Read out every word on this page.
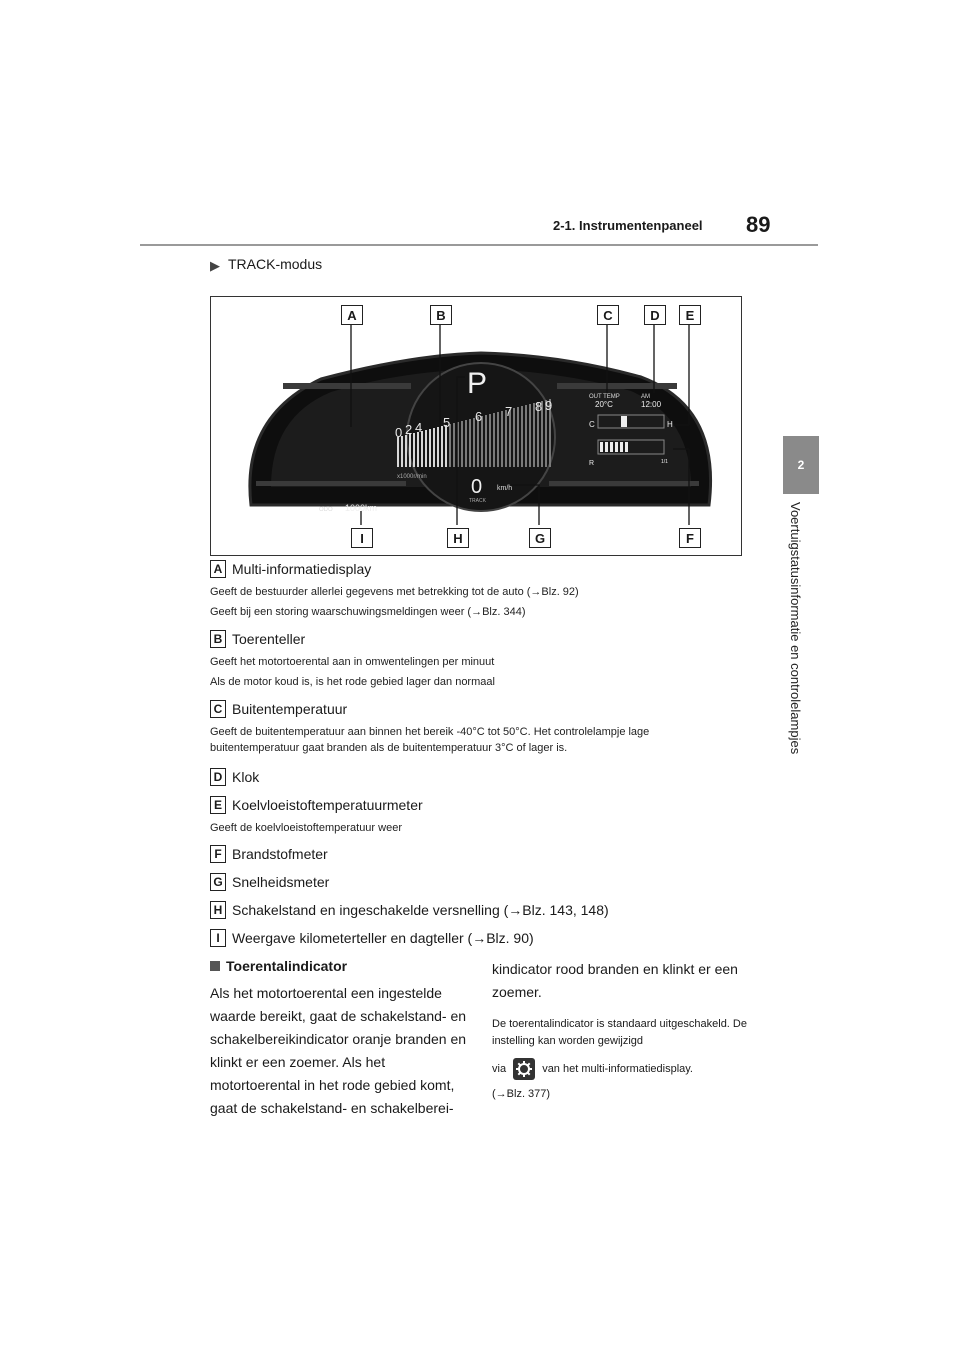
2-1. Instrumentenpaneel 89
2
Voertuigstatusinformatie en controlelampjes
▶ TRACK-modus
0 2 4 5 6 7 8 9
x1000r/min
P
0 km/h
TRACK
OUT TEMP
20°C
AM
12:00
C	H
R	1/1
ODO 1000km
A	B	C	D	E
I	H	G	F
A Multi-informatiedisplay
Geeft de bestuurder allerlei gegevens met betrekking tot de auto (→Blz. 92)
Geeft bij een storing waarschuwingsmeldingen weer (→Blz. 344)
B Toerenteller
Geeft het motortoerental aan in omwentelingen per minuut
Als de motor koud is, is het rode gebied lager dan normaal
C Buitentemperatuur
Geeft de buitentemperatuur aan binnen het bereik -40°C tot 50°C. Het controlelampje lage buitentemperatuur gaat branden als de buitentemperatuur 3°C of lager is.
D Klok
E Koelvloeistoftemperatuurmeter
Geeft de koelvloeistoftemperatuur weer
F Brandstofmeter
G Snelheidsmeter
H Schakelstand en ingeschakelde versnelling (→Blz. 143, 148)
I Weergave kilometerteller en dagteller (→Blz. 90)
Toerentalindicator
Als het motortoerental een ingestelde waarde bereikt, gaat de schakelstand- en schakelbereikindicator oranje branden en klinkt er een zoemer. Als het motortoerental in het rode gebied komt, gaat de schakelstand- en schakelberei-
kindicator rood branden en klinkt er een zoemer.
De toerentalindicator is standaard uitgeschakeld. De instelling kan worden gewijzigd
via	van het multi-informatiedisplay.
(→Blz. 377)
